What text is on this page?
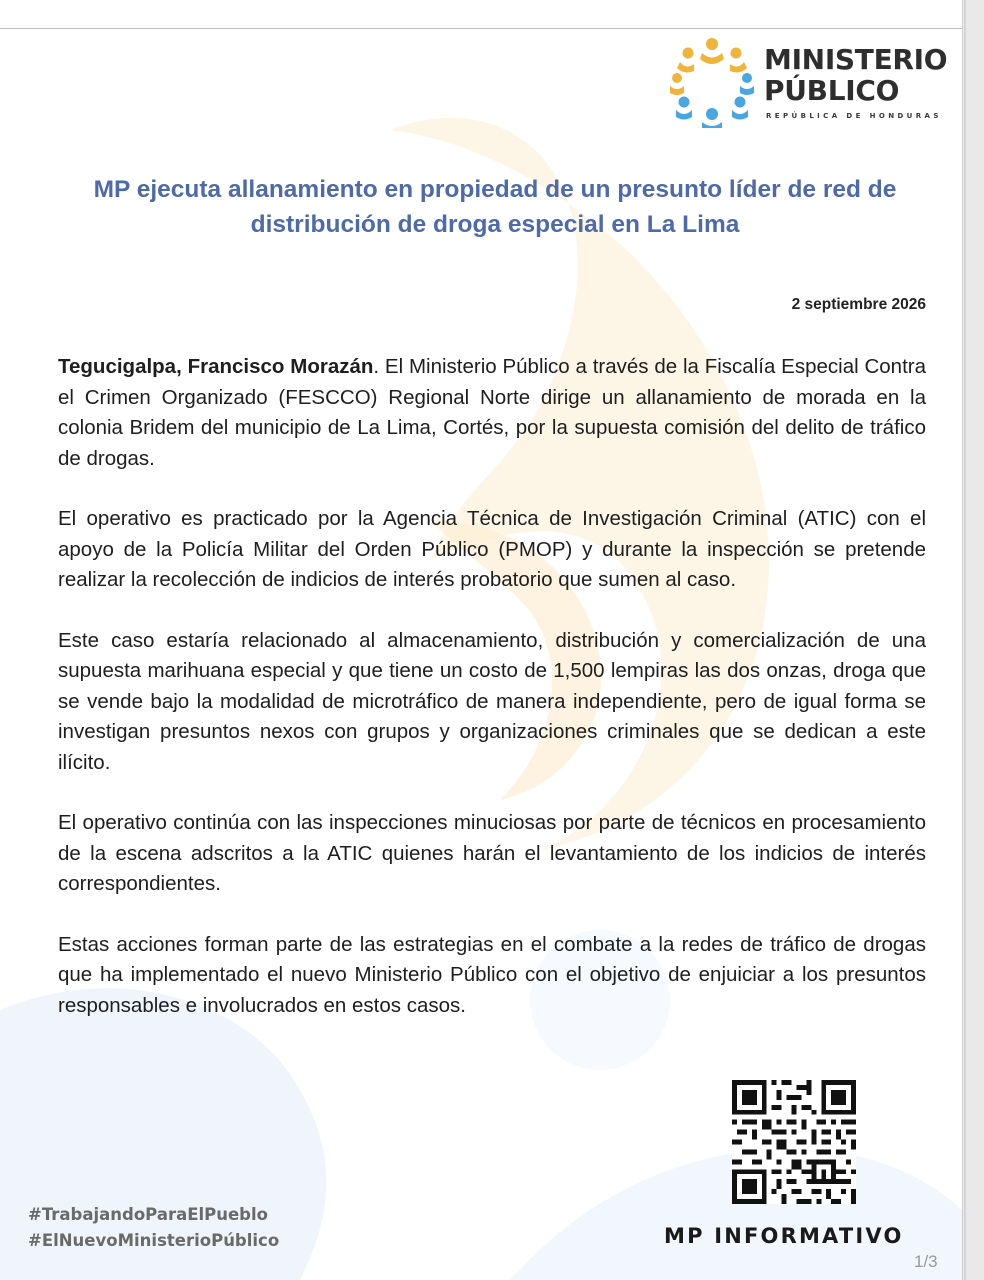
MINISTERIO
PÚBLICO
REPÚBLICA DE HONDURAS
MP ejecuta allanamiento en propiedad de un presunto líder de red de distribución de droga especial en La Lima
2 septiembre 2026

Tegucigalpa, Francisco Morazán. El Ministerio Público a través de la Fiscalía Especial Contra el Crimen Organizado (FESCCO) Regional Norte dirige un allanamiento de morada en la colonia Bridem del municipio de La Lima, Cortés, por la supuesta comisión del delito de tráfico de drogas.

El operativo es practicado por la Agencia Técnica de Investigación Criminal (ATIC) con el apoyo de la Policía Militar del Orden Público (PMOP) y durante la inspección se pretende realizar la recolección de indicios de interés probatorio que sumen al caso.

Este caso estaría relacionado al almacenamiento, distribución y comercialización de una supuesta marihuana especial y que tiene un costo de 1,500 lempiras las dos onzas, droga que se vende bajo la modalidad de microtráfico de manera independiente, pero de igual forma se investigan presuntos nexos con grupos y organizaciones criminales que se dedican a este ilícito.

El operativo continúa con las inspecciones minuciosas por parte de técnicos en procesamiento de la escena adscritos a la ATIC quienes harán el levantamiento de los indicios de interés correspondientes.

Estas acciones forman parte de las estrategias en el combate a la redes de tráfico de drogas que ha implementado el nuevo Ministerio Público con el objetivo de enjuiciar a los presuntos responsables e involucrados en estos casos.

#TrabajandoParaElPueblo
#ElNuevoMinisterioPúblico	MP INFORMATIVO
1/3
